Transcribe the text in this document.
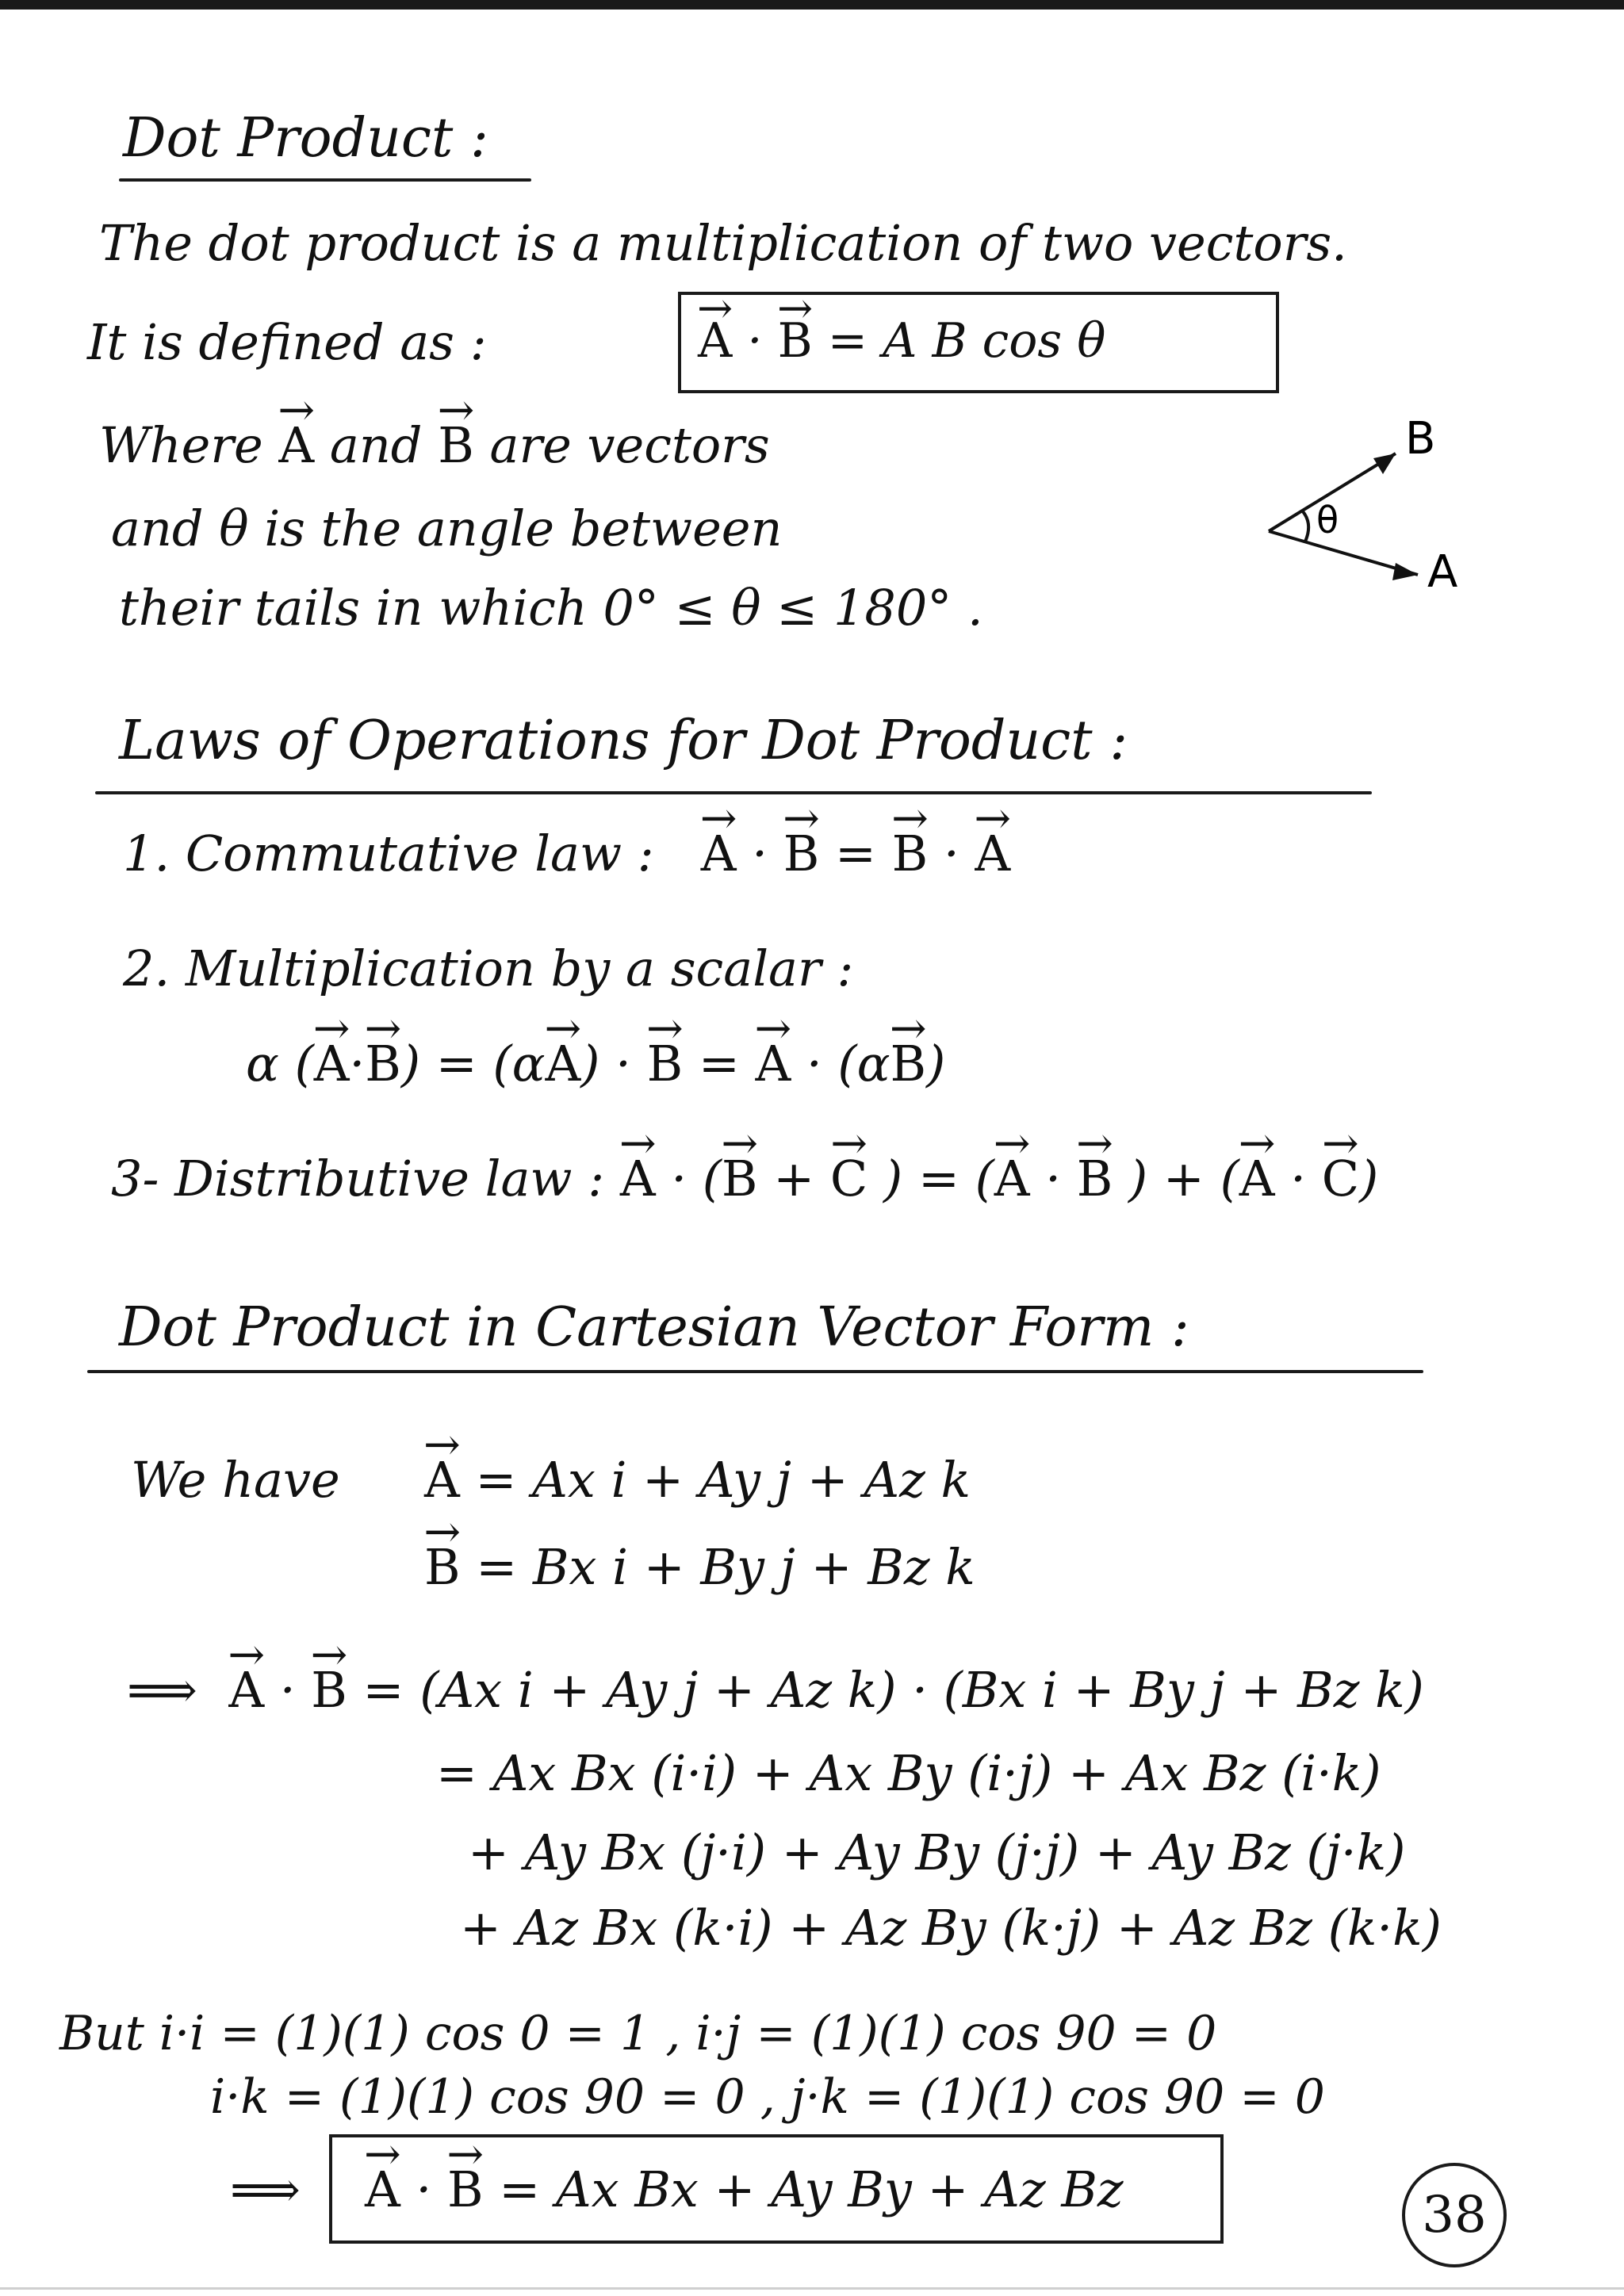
Dot Product :
The dot product is a multiplication of two vectors.
It is defined as :	→ A · → B = A B cos θ
Where → A and → B are vectors
and θ is the angle between
their tails in which 0° ≤ θ ≤ 180° .
θ
B
A
Laws of Operations for Dot Product :
1. Commutative law : → A · → B = → B · → A
2. Multiplication by a scalar :
α (→ A·→ B) = (α→ A) · → B = → A · (α→ B)
3- Distributive law : → A · (→ B + → C ) = (→ A · → B ) + (→ A · → C)
Dot Product in Cartesian Vector Form :
We have → A = Ax i + Ay j + Az k
→ B = Bx i + By j + Bz k
⟹ → A · → B = (Ax i + Ay j + Az k) · (Bx i + By j + Bz k)
= Ax Bx (i·i) + Ax By (i·j) + Ax Bz (i·k)
+ Ay Bx (j·i) + Ay By (j·j) + Ay Bz (j·k)
+ Az Bx (k·i) + Az By (k·j) + Az Bz (k·k)
But i·i = (1)(1) cos 0 = 1 , i·j = (1)(1) cos 90 = 0
i·k = (1)(1) cos 90 = 0 , j·k = (1)(1) cos 90 = 0
⟹ → A · → B = Ax Bx + Ay By + Az Bz	38
